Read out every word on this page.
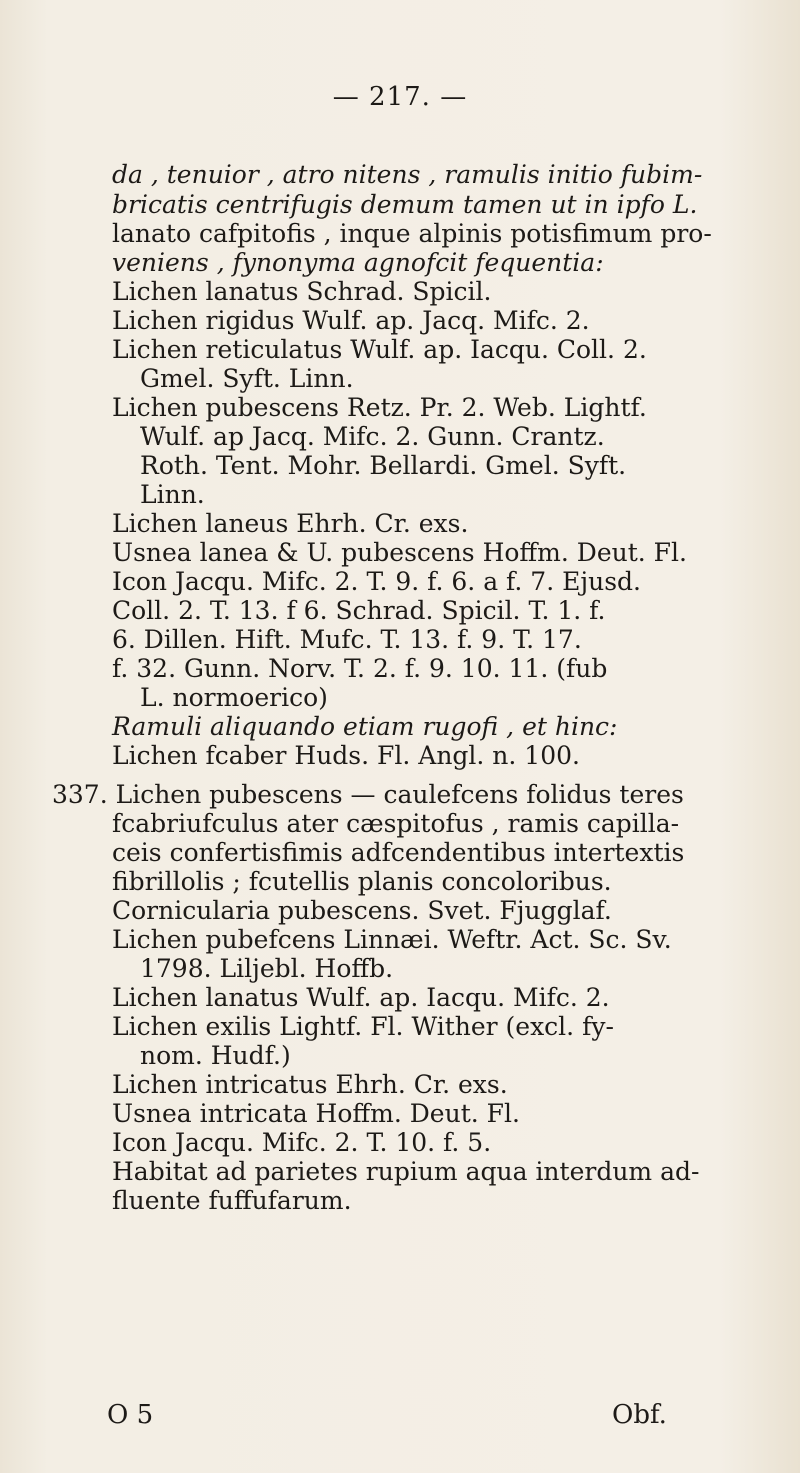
— 217. —
da , tenuior , atro nitens , ramulis initio fubim-
bricatis centrifugis demum tamen ut in ipfo L.
lanato cafpitofis , inque alpinis potisfimum pro-
veniens , fynonyma agnofcit fequentia:
Lichen lanatus Schrad. Spicil.
Lichen rigidus Wulf. ap. Jacq. Mifc. 2.
Lichen reticulatus Wulf. ap. Iacqu. Coll. 2.
Gmel. Syft. Linn.
Lichen pubescens Retz. Pr. 2. Web. Lightf.
Wulf. ap Jacq. Mifc. 2. Gunn. Crantz.
Roth. Tent. Mohr. Bellardi. Gmel. Syft.
Linn.
Lichen laneus Ehrh. Cr. exs.
Usnea lanea & U. pubescens Hoffm. Deut. Fl.
Icon Jacqu. Mifc. 2. T. 9. f. 6. a f. 7. Ejusd.
Coll. 2. T. 13. f 6. Schrad. Spicil. T. 1. f.
6. Dillen. Hift. Mufc. T. 13. f. 9. T. 17.
f. 32. Gunn. Norv. T. 2. f. 9. 10. 11. (fub
L. normoerico)
Ramuli aliquando etiam rugofi , et hinc:
Lichen fcaber Huds. Fl. Angl. n. 100.
337. Lichen pubescens — caulefcens folidus teres
fcabriufculus ater cæspitofus , ramis capilla-
ceis confertisfimis adfcendentibus intertextis
fibrillolis ; fcutellis planis concoloribus.
Cornicularia pubescens. Svet. Fjugglaf.
Lichen pubefcens Linnæi. Weftr. Act. Sc. Sv.
1798. Liljebl. Hoffb.
Lichen lanatus Wulf. ap. Iacqu. Mifc. 2.
Lichen exilis Lightf. Fl. Wither (excl. fy-
nom. Hudf.)
Lichen intricatus Ehrh. Cr. exs.
Usnea intricata Hoffm. Deut. Fl.
Icon Jacqu. Mifc. 2. T. 10. f. 5.
Habitat ad parietes rupium aqua interdum ad-
fluente fuffufarum.
O 5	Obf.
